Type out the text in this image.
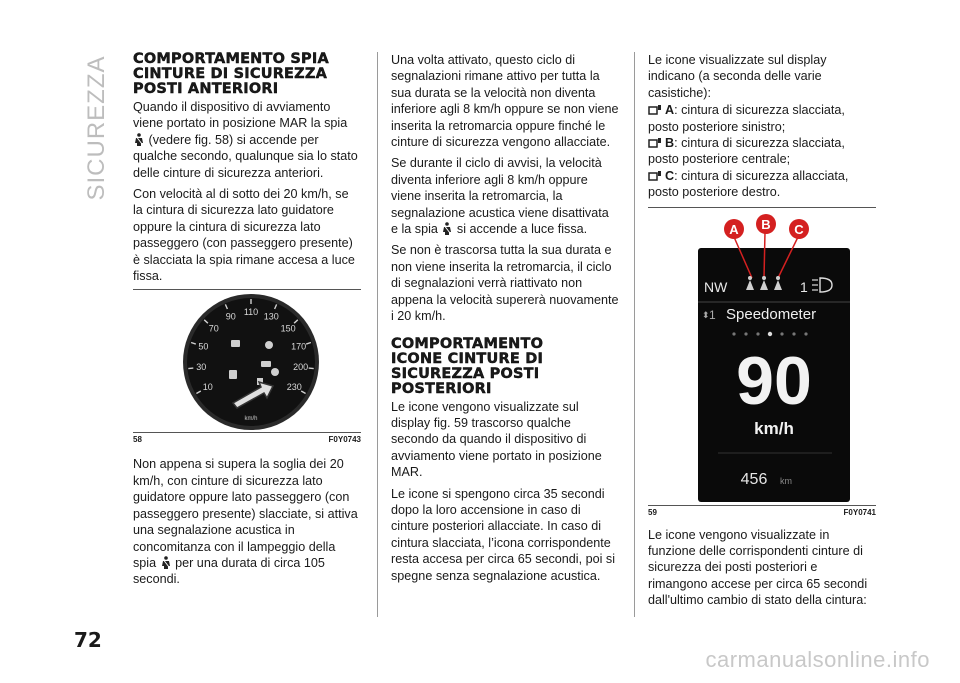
SICUREZZA
72
COMPORTAMENTO SPIA
CINTURE DI SICUREZZA
POSTI ANTERIORI

Quando il dispositivo di avviamento viene portato in posizione MAR la spia  (vedere fig. 58) si accende per qualche secondo, qualunque sia lo stato delle cinture di sicurezza anteriori.

Con velocità al di sotto dei 20 km/h, se la cintura di sicurezza lato guidatore oppure la cintura di sicurezza lato passeggero (con passeggero presente) è slacciata la spia rimane accesa a luce fissa.

10
30
50
70
90 110 130
150
170
200
230
km/h
58	F0Y0743

Non appena si supera la soglia dei 20 km/h, con cinture di sicurezza lato guidatore oppure lato passeggero (con passeggero presente) slacciate, si attiva una segnalazione acustica in concomitanza con il lampeggio della spia per una durata di circa 105 secondi.

Una volta attivato, questo ciclo di segnalazioni rimane attivo per tutta la sua durata se la velocità non diventa inferiore agli 8 km/h oppure se non viene inserita la retromarcia oppure finché le cinture di sicurezza vengono allacciate.

Se durante il ciclo di avvisi, la velocità diventa inferiore agli 8 km/h oppure viene inserita la retromarcia, la segnalazione acustica viene disattivata e la spia si accende a luce fissa.

Se non è trascorsa tutta la sua durata e non viene inserita la retromarcia, il ciclo di segnalazioni verrà riattivato non appena la velocità supererà nuovamente i 20 km/h.

COMPORTAMENTO
ICONE CINTURE DI
SICUREZZA POSTI
POSTERIORI

Le icone vengono visualizzate sul display fig. 59 trascorso qualche secondo da quando il dispositivo di avviamento viene portato in posizione MAR.

Le icone si spengono circa 35 secondi dopo la loro accensione in caso di cinture posteriori allacciate. In caso di cintura slacciata, l’icona corrispondente resta accesa per circa 65 secondi, poi si spegne senza segnalazione acustica.

Le icone visualizzate sul display indicano (a seconda delle varie casistiche):

A: cintura di sicurezza slacciata, posto posteriore sinistro;

B: cintura di sicurezza slacciata, posto posteriore centrale;

C: cintura di sicurezza allacciata, posto posteriore destro.

A B C
NW	1
⬍ 1 Speedometer
90
km/h
456 km
59	F0Y0741

Le icone vengono visualizzate in funzione delle corrispondenti cinture di sicurezza dei posti posteriori e rimangono accese per circa 65 secondi dall'ultimo cambio di stato della cintura:

carmanualsonline.info
